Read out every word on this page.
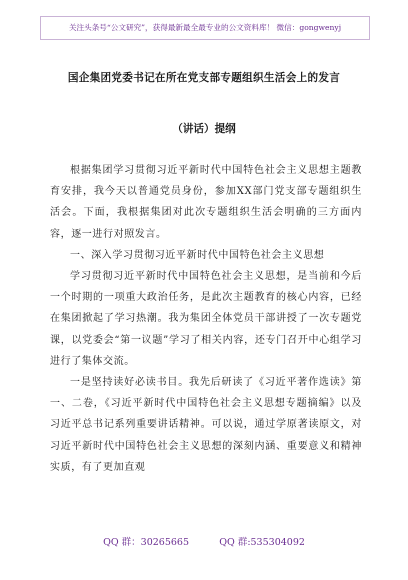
关注头条号“公文研究”，获得最新最全最专业的公文资料库！ 微信：gongwenyj
国企集团党委书记在所在党支部专题组织生活会上的发言
（讲话）提纲

根据集团学习贯彻习近平新时代中国特色社会主义思想主题教育安排，我今天以普通党员身份，参加XX部门党支部专题组织生活会。下面，我根据集团对此次专题组织生活会明确的三方面内容，逐一进行对照发言。

一、深入学习贯彻习近平新时代中国特色社会主义思想

学习贯彻习近平新时代中国特色社会主义思想，是当前和今后一个时期的一项重大政治任务，是此次主题教育的核心内容，已经在集团掀起了学习热潮。我为集团全体党员干部讲授了一次专题党课，以党委会“第一议题”学习了相关内容，还专门召开中心组学习进行了集体交流。

一是坚持读好必读书目。我先后研读了《习近平著作选读》第一、二卷，《习近平新时代中国特色社会主义思想专题摘编》以及习近平总书记系列重要讲话精神。可以说，通过学原著读原文，对习近平新时代中国特色社会主义思想的深刻内涵、重要意义和精神实质，有了更加直观

QQ 群：30265665	QQ 群:535304092
